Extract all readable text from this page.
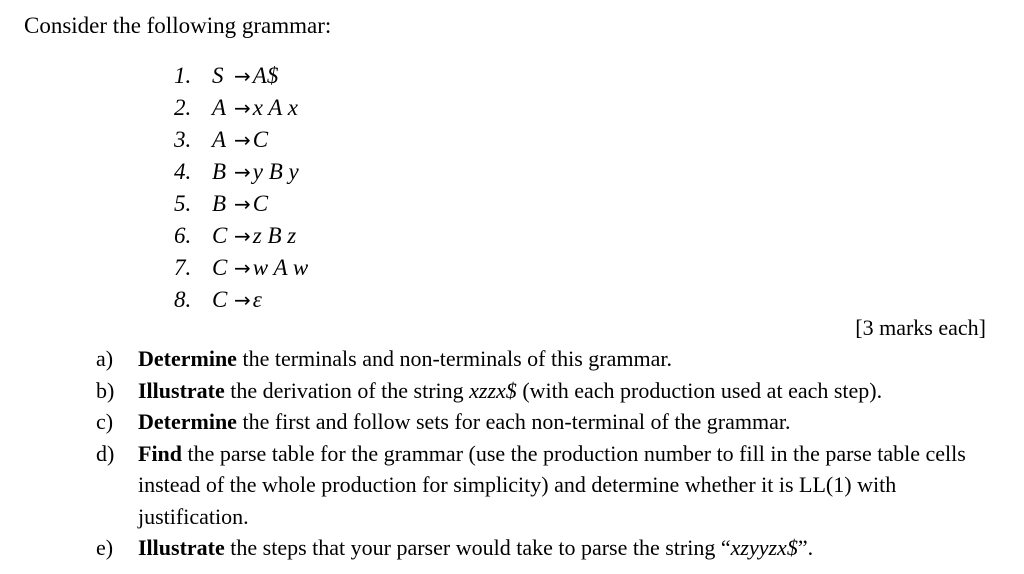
Consider the following grammar:
1. S →A$
2. A →x A x
3. A →C
4. B →y B y
5. B →C
6. C →z B z
7. C →w A w
8. C →ε
[3 marks each]
a) Determine the terminals and non-terminals of this grammar.
b) Illustrate the derivation of the string xzzx$ (with each production used at each step).
c) Determine the first and follow sets for each non-terminal of the grammar.
d) Find the parse table for the grammar (use the production number to fill in the parse table cells instead of the whole production for simplicity) and determine whether it is LL(1) with justification.
e) Illustrate the steps that your parser would take to parse the string “xzyyzx$”.
